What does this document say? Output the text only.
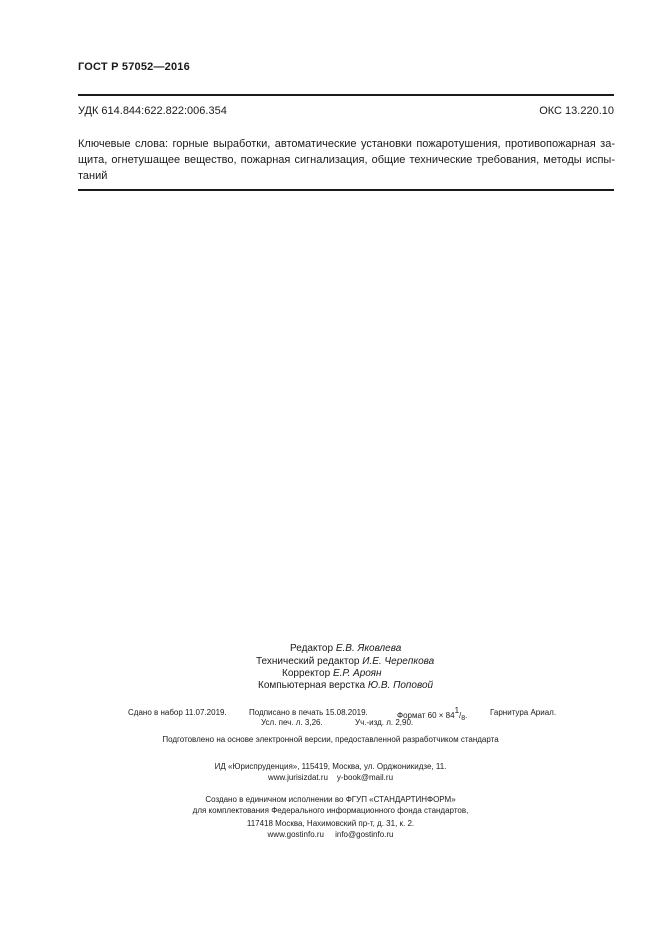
ГОСТ Р 57052—2016
УДК 614.844:622.822:006.354	ОКС 13.220.10
Ключевые слова: горные выработки, автоматические установки пожаротушения, противопожарная за-
щита, огнетушащее вещество, пожарная сигнализация, общие технические требования, методы испы-
таний
Редактор Е.В. Яковлева
Технический редактор И.Е. Черепкова
Корректор Е.Р. Ароян
Компьютерная верстка Ю.В. Поповой
Сдано в набор 11.07.2019.	Подписано в печать 15.08.2019.	Формат 60 × 841/8.	Гарнитура Ариал.
Усл. печ. л. 3,26.	Уч.-изд. л. 2,90.
Подготовлено на основе электронной версии, предоставленной разработчиком стандарта
ИД «Юриспруденция», 115419, Москва, ул. Орджоникидзе, 11.
www.jurisizdat.ru    y-book@mail.ru
Создано в единичном исполнении во ФГУП «СТАНДАРТИНФОРМ»
для комплектования Федерального информационного фонда стандартов,
117418 Москва, Нахимовский пр-т, д. 31, к. 2.
www.gostinfo.ru     info@gostinfo.ru
